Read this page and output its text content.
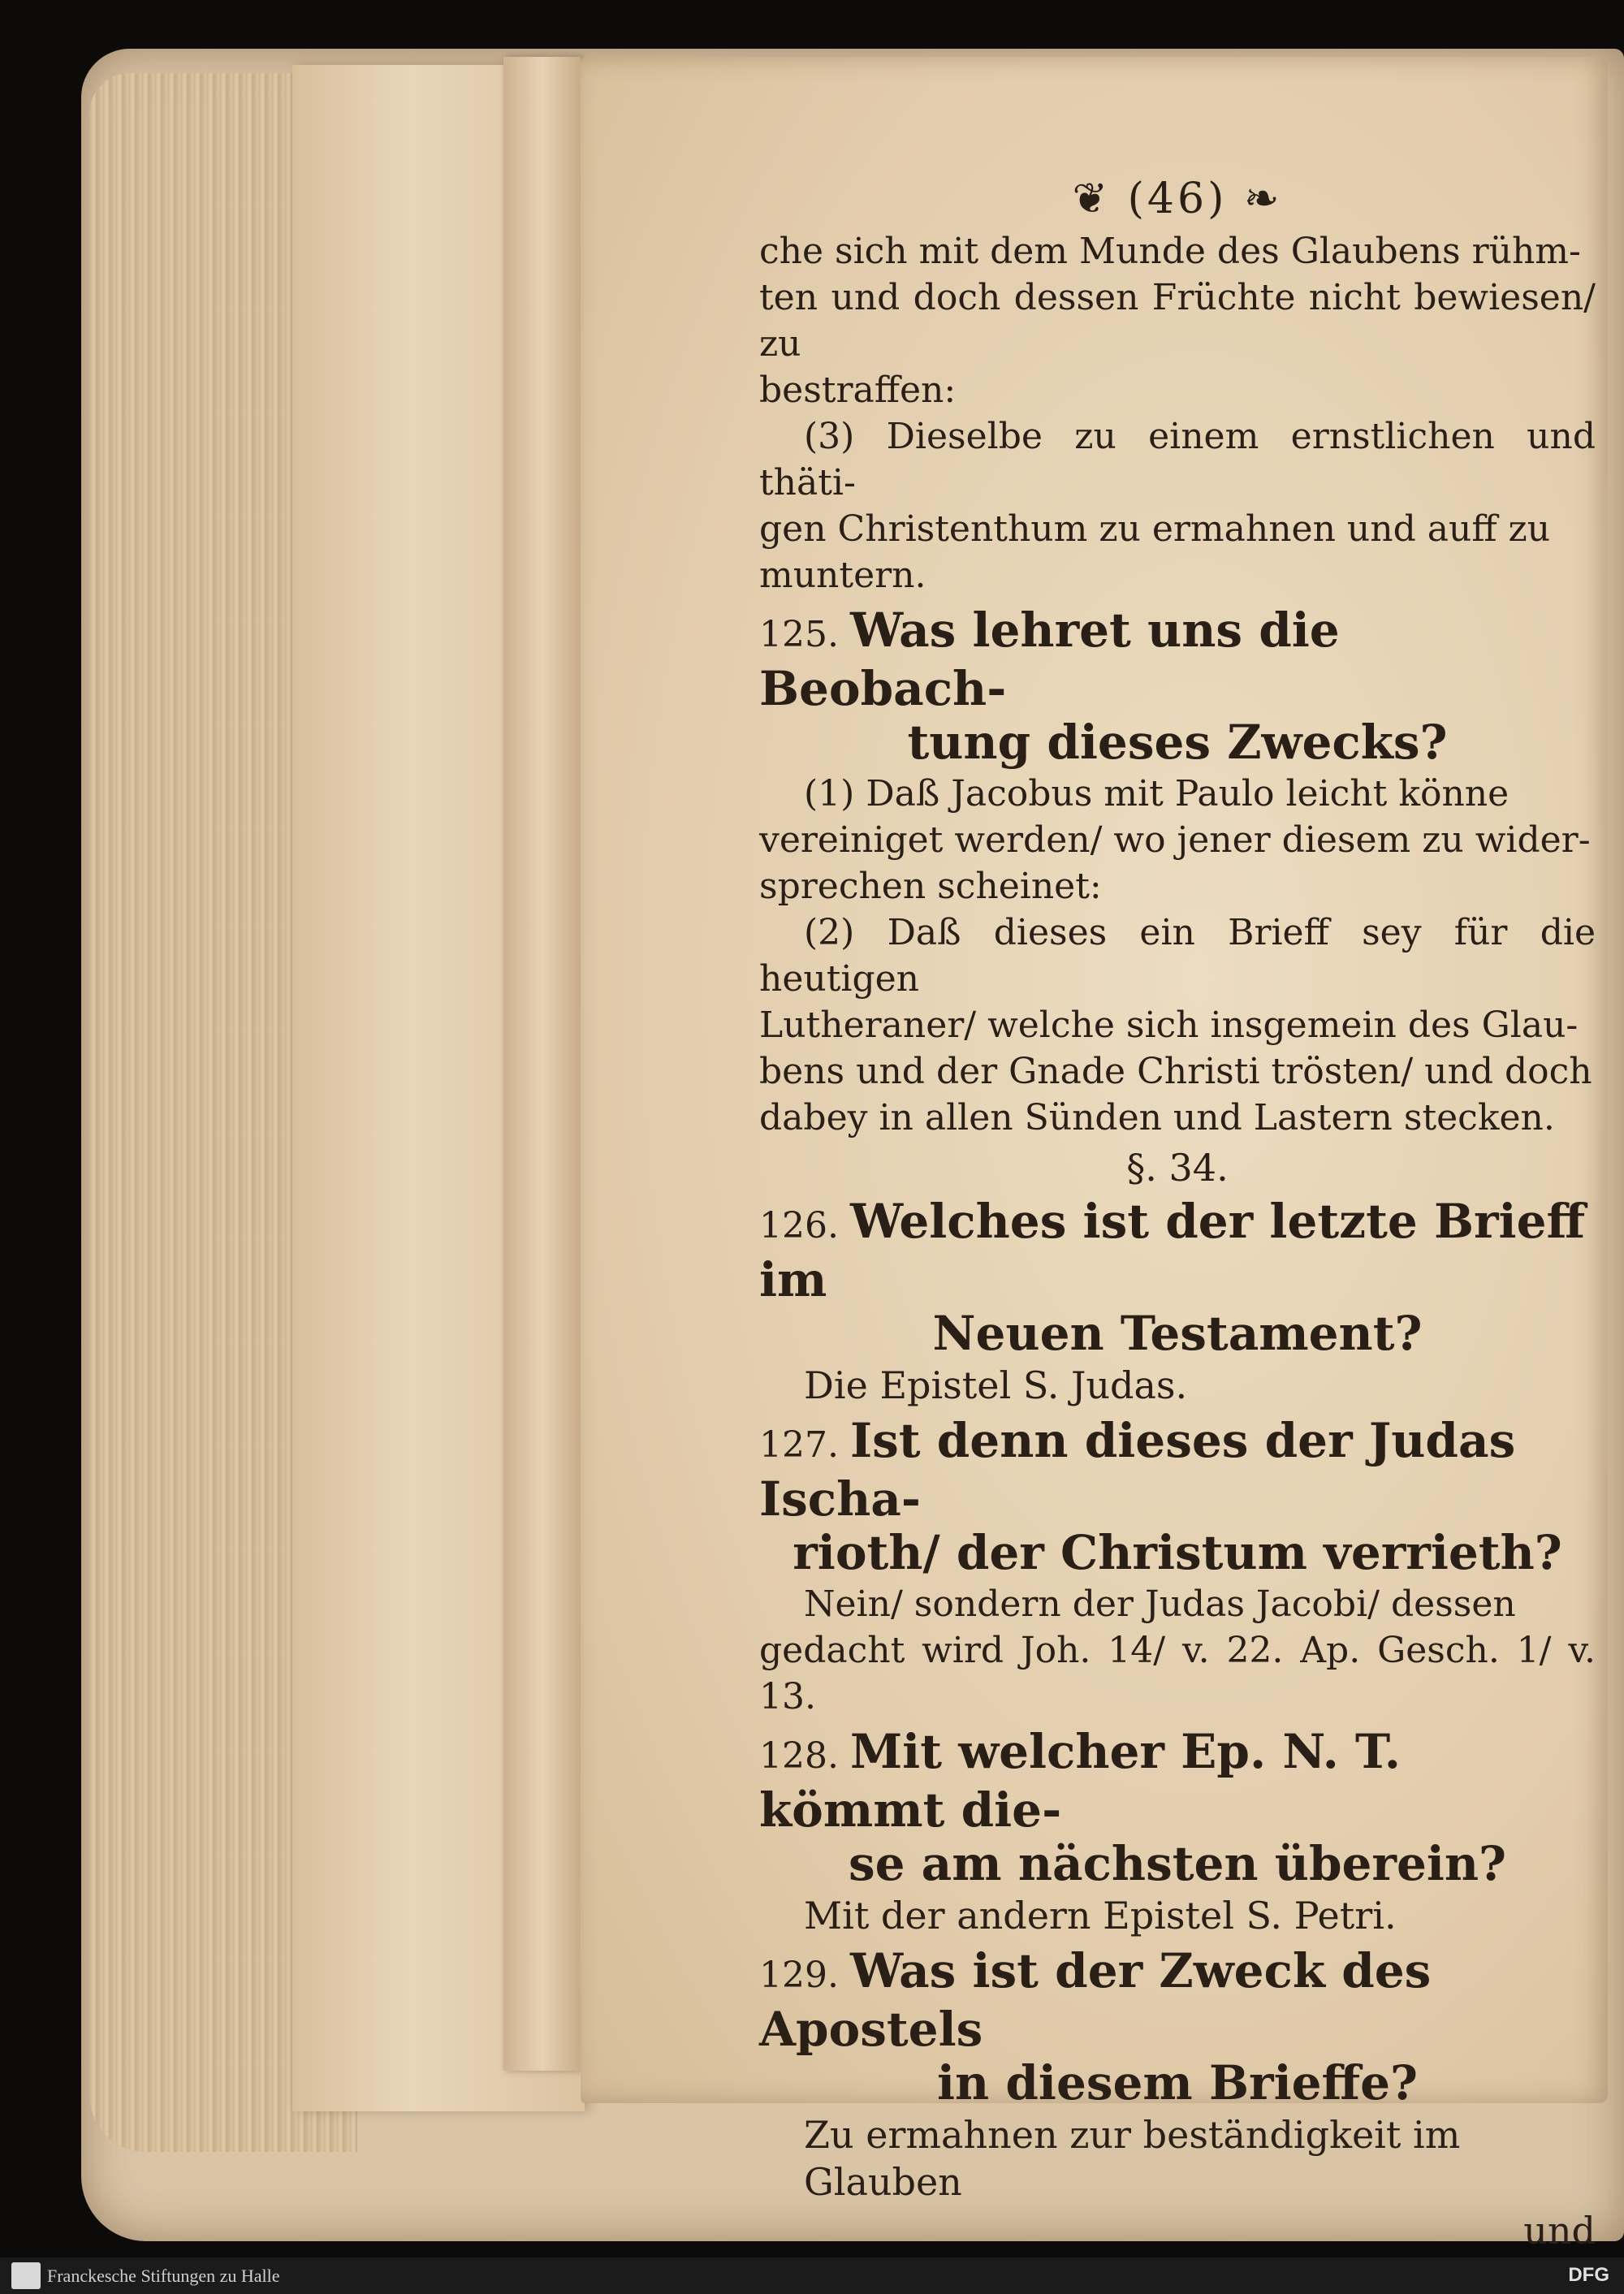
❦ (46) ❧

che sich mit dem Munde des Glaubens rühm-

ten und doch dessen Früchte nicht bewiesen/ zu

bestraffen:

(3) Dieselbe zu einem ernstlichen und thäti-

gen Christenthum zu ermahnen und auff zu

muntern.

125. Was lehret uns die Beobach-
tung dieses Zwecks?

(1) Daß Jacobus mit Paulo leicht könne

vereiniget werden/ wo jener diesem zu wider-

sprechen scheinet:

(2) Daß dieses ein Brieff sey für die heutigen

Lutheraner/ welche sich insgemein des Glau-

bens und der Gnade Christi trösten/ und doch

dabey in allen Sünden und Lastern stecken.

§. 34.
126. Welches ist der letzte Brieff im
Neuen Testament?

Die Epistel S. Judas.

127. Ist denn dieses der Judas Ischa-
rioth/ der Christum verrieth?

Nein/ sondern der Judas Jacobi/ dessen

gedacht wird Joh. 14/ v. 22. Ap. Gesch. 1/ v. 13.

128. Mit welcher Ep. N. T. kömmt die-
se am nächsten überein?

Mit der andern Epistel S. Petri.

129. Was ist der Zweck des Apostels
in diesem Brieffe?

Zu ermahnen zur beständigkeit im Glauben

und
Franckesche Stiftungen zu Halle	DFG
